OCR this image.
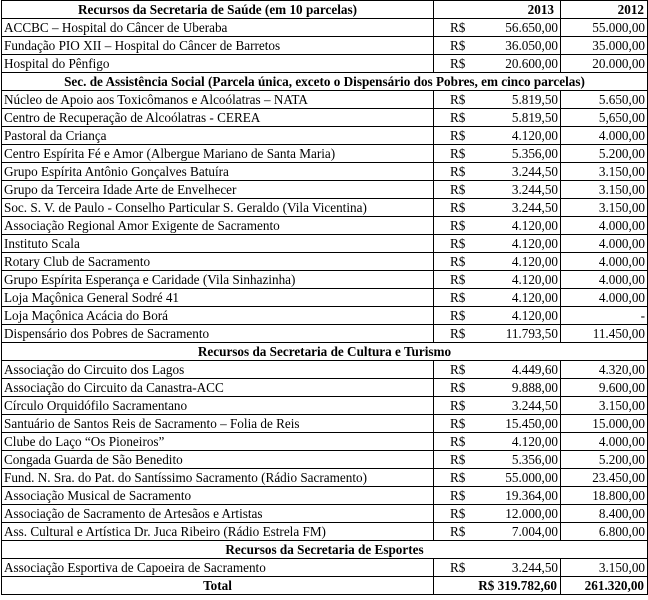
Recursos da Secretaria de Saúde (em 10 parcelas)	2013		2012
ACCBC – Hospital do Câncer de Uberaba	R$	56.650,00	55.000,00
Fundação PIO XII – Hospital do Câncer de Barretos	R$	36.050,00	35.000,00
Hospital do Pênfigo	R$	20.600,00	20.000,00
Sec. de Assistência Social (Parcela única, exceto o Dispensário dos Pobres, em cinco parcelas)			
Núcleo de Apoio aos Toxicômanos e Alcoólatras – NATA	R$	5.819,50	5.650,00
Centro de Recuperação de Alcoólatras - CEREA	R$	5.819,50	5,650,00
Pastoral da Criança	R$	4.120,00	4.000,00
Centro Espírita Fé e Amor (Albergue Mariano de Santa Maria)	R$	5.356,00	5.200,00
Grupo Espírita Antônio Gonçalves Batuíra	R$	3.244,50	3.150,00
Grupo da Terceira Idade Arte de Envelhecer	R$	3.244,50	3.150,00
Soc. S. V. de Paulo - Conselho Particular S. Geraldo (Vila Vicentina)	R$	3.244,50	3.150,00
Associação Regional Amor Exigente de Sacramento	R$	4.120,00	4.000,00
Instituto Scala	R$	4.120,00	4.000,00
Rotary Club de Sacramento	R$	4.120,00	4.000,00
Grupo Espírita Esperança e Caridade (Vila Sinhazinha)	R$	4.120,00	4.000,00
Loja Maçônica General Sodré 41	R$	4.120,00	4.000,00
Loja Maçônica Acácia do Borá	R$	4.120,00	-
Dispensário dos Pobres de Sacramento	R$	11.793,50	11.450,00
Recursos da Secretaria de Cultura e Turismo			
Associação do Circuito dos Lagos	R$	4.449,60	4.320,00
Associação do Circuito da Canastra-ACC	R$	9.888,00	9.600,00
Círculo Orquidófilo Sacramentano	R$	3.244,50	3.150,00
Santuário de Santos Reis de Sacramento – Folia de Reis	R$	15.450,00	15.000,00
Clube do Laço “Os Pioneiros”	R$	4.120,00	4.000,00
Congada Guarda de São Benedito	R$	5.356,00	5.200,00
Fund. N. Sra. do Pat. do Santíssimo Sacramento (Rádio Sacramento)	R$	55.000,00	23.450,00
Associação Musical de Sacramento	R$	19.364,00	18.800,00
Associação de Sacramento de Artesãos e Artistas	R$	12.000,00	8.400,00
Ass. Cultural e Artística Dr. Juca Ribeiro (Rádio Estrela FM)	R$	7.004,00	6.800,00
Recursos da Secretaria de Esportes			
Associação Esportiva de Capoeira de Sacramento	R$	3.244,50	3.150,00
Total	R$ 319.782,60		261.320,00
